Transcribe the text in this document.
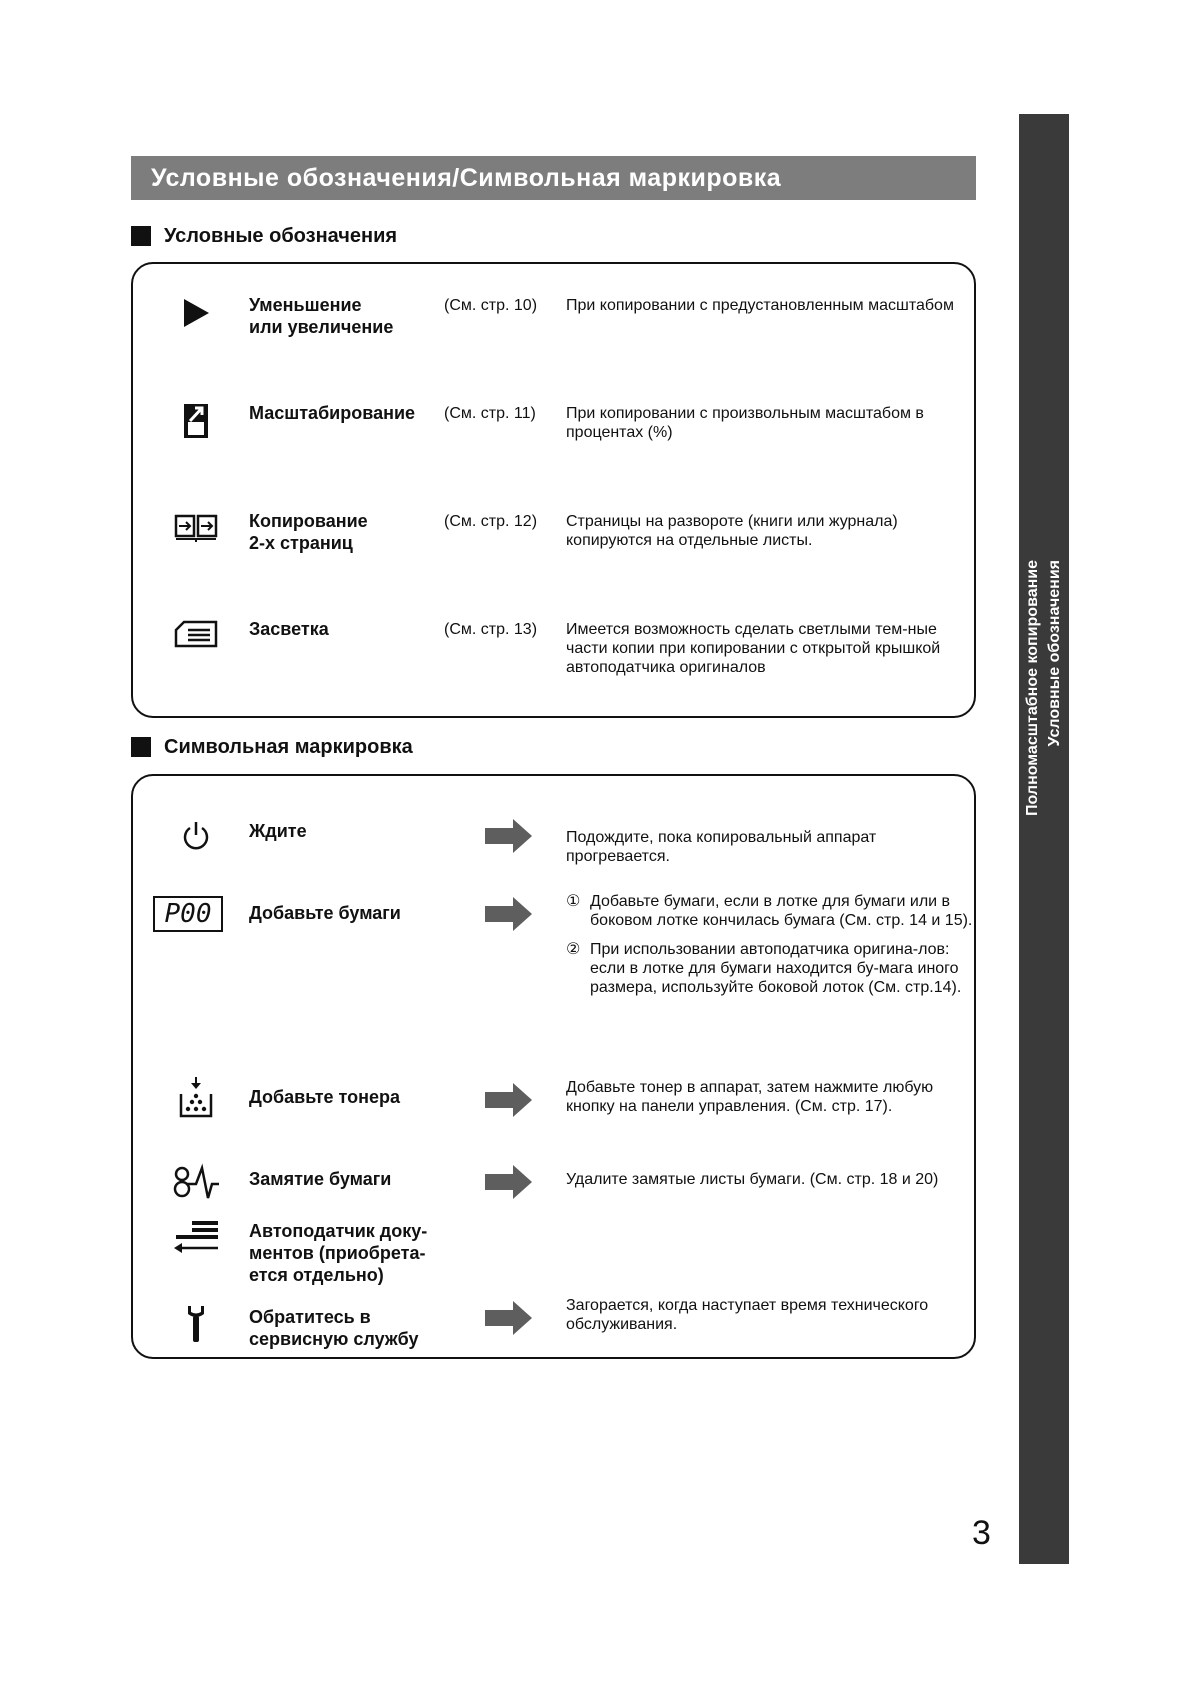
Условные обозначения/Символьная маркировка
Условные обозначения
Уменьшение
или увеличение
(См. стр. 10) При копировании с предустановленным масштабом
Масштабирование (См. стр. 11) При копировании с произвольным масштабом в процентах (%)
Копирование
2-х страниц
(См. стр. 12) Страницы на развороте (книги или журнала) копируются на отдельные листы.
Засветка	(См. стр. 13) Имеется возможность сделать светлыми тем-ные части копии при копировании с открытой крышкой автоподатчика оригиналов
Символьная маркировка
Ждите	Подождите, пока копировальный аппарат прогревается.
P00	Добавьте бумаги
① Добавьте бумаги, если в лотке для бумаги или в боковом лотке кончилась бумага (См. стр. 14 и 15).
② При использовании автоподатчика оригина-лов: если в лотке для бумаги находится бу-мага иного размера, используйте боковой лоток (См. стр.14).
Добавьте тонера	Добавьте тонер в аппарат, затем нажмите любую кнопку на панели управления. (См. стр. 17).
Замятие бумаги	Удалите замятые листы бумаги. (См. стр. 18 и 20)
Автоподатчик доку-
ментов (приобрета-
ется отдельно)
Обратитесь в
сервисную службу
Загорается, когда наступает время технического обслуживания.
Полномасштабное копирование Условные обозначения
3
